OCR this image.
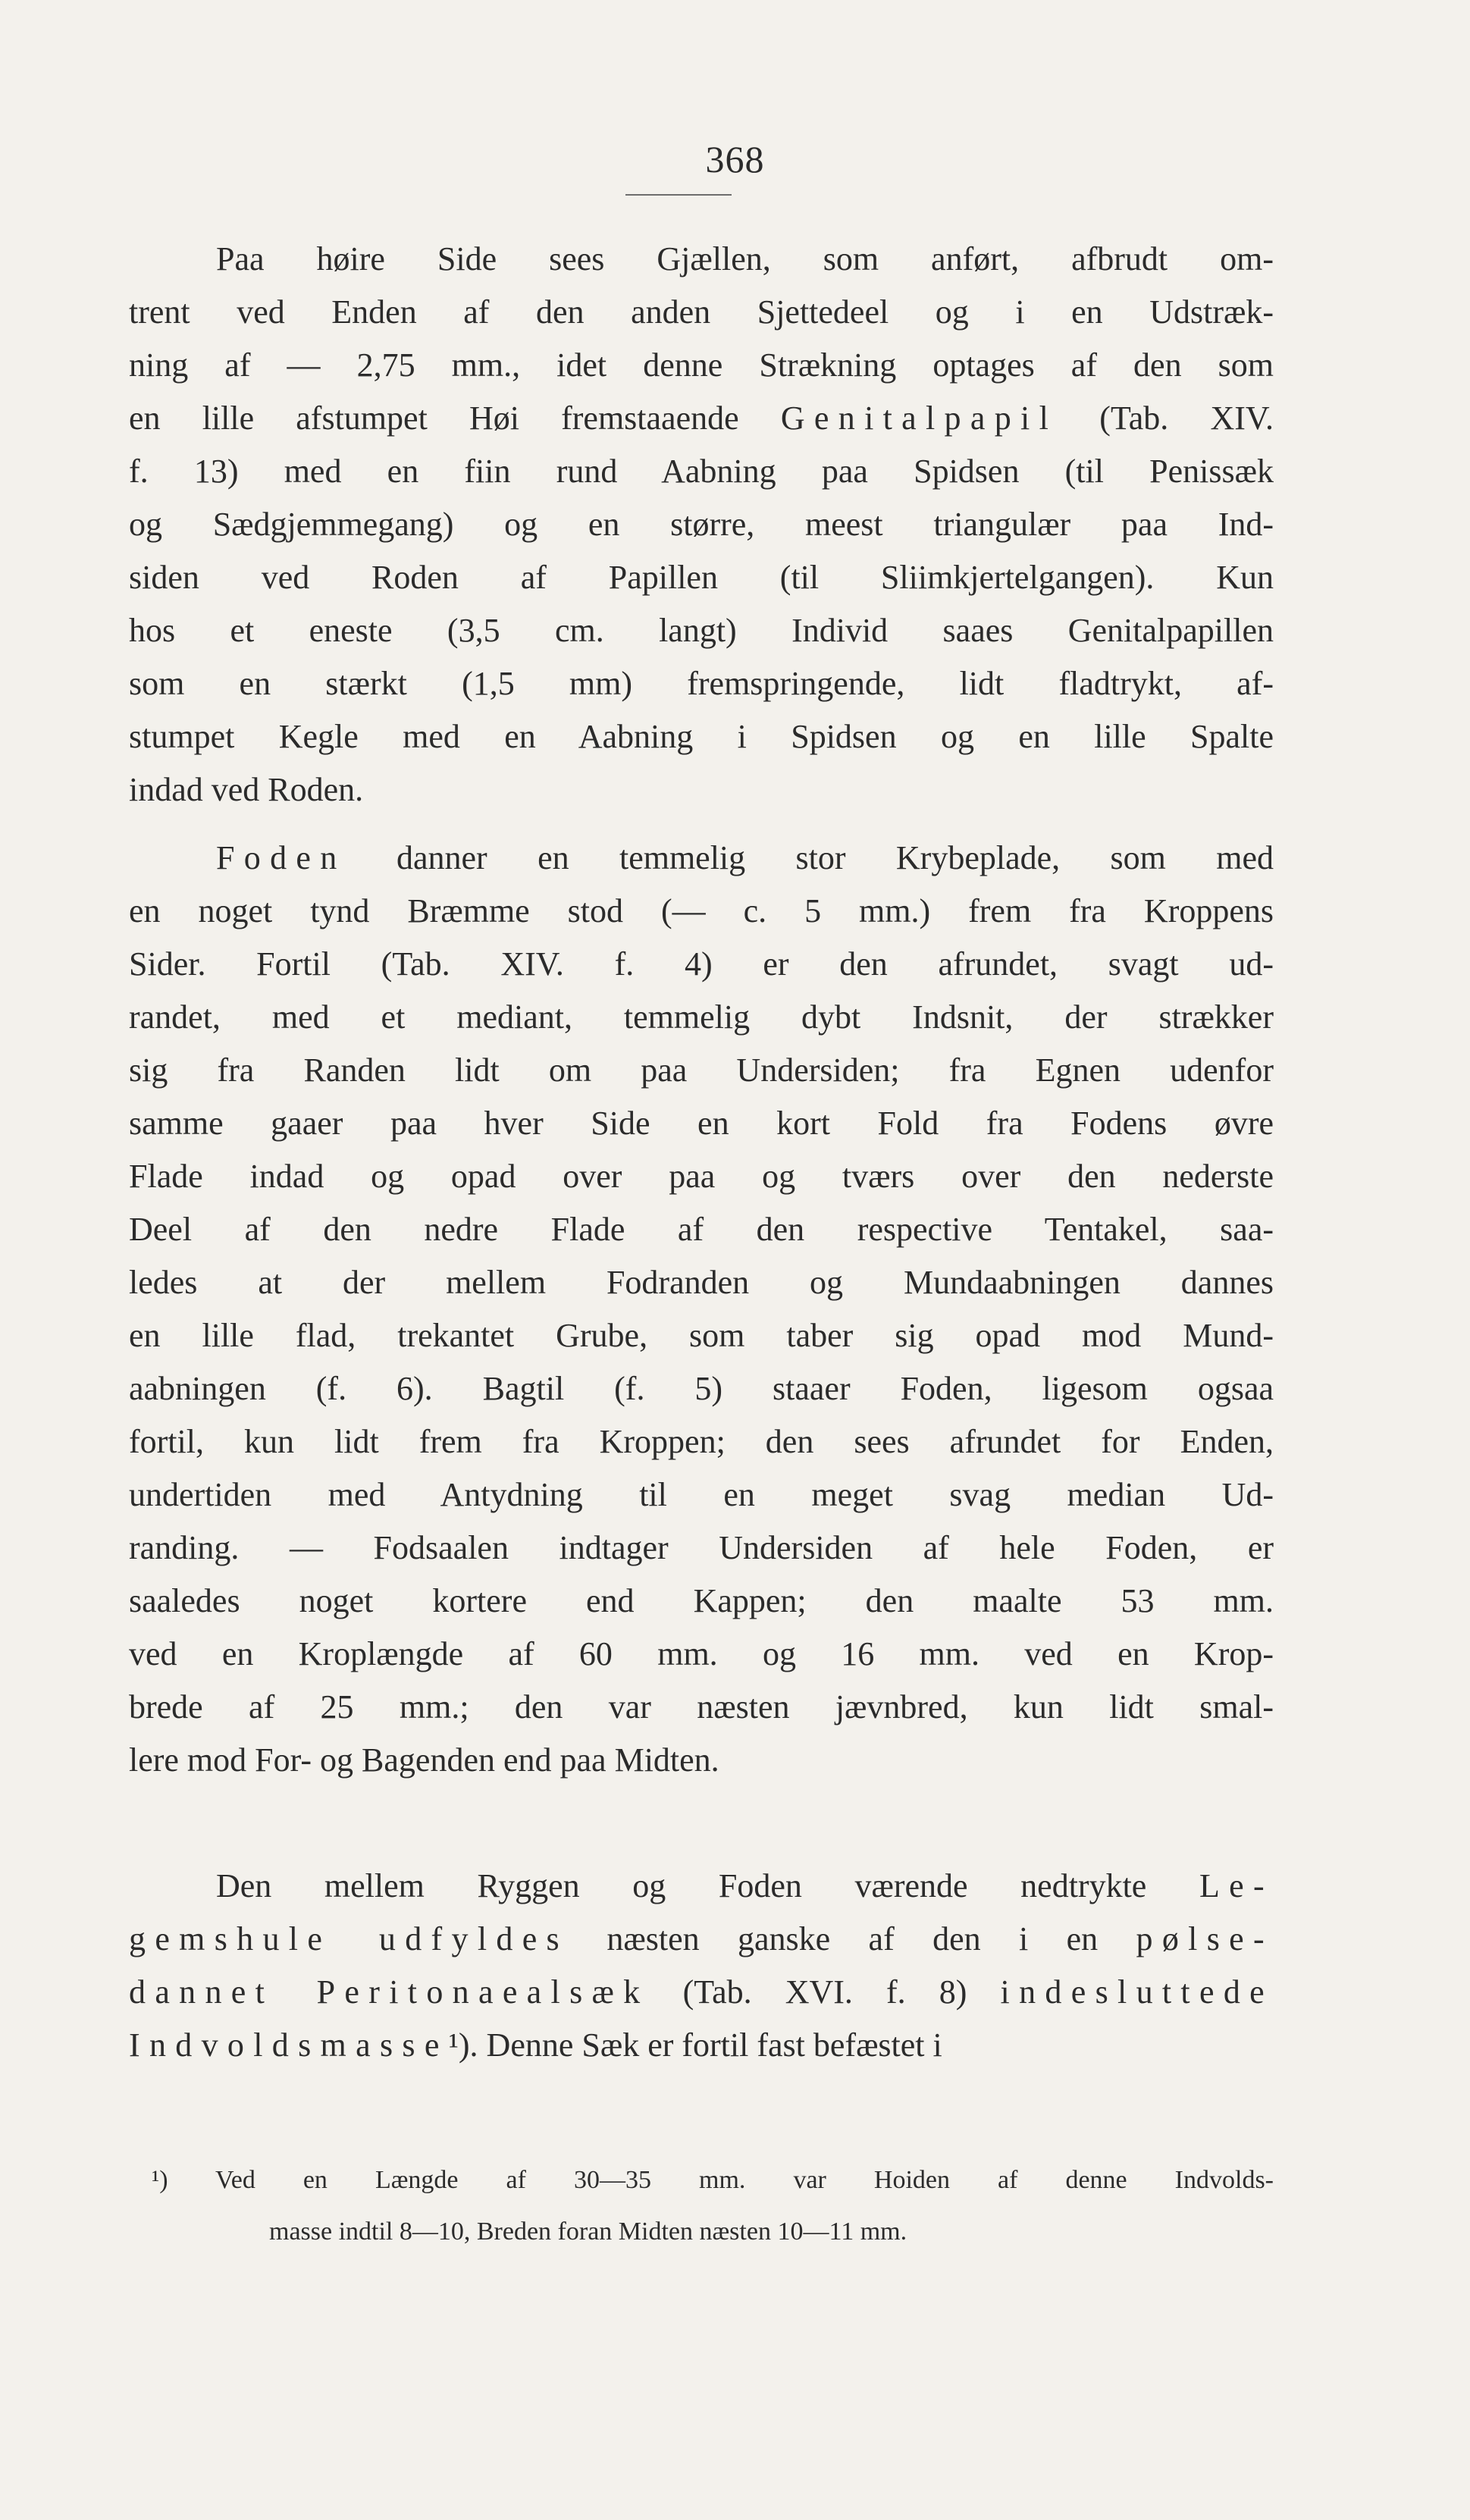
368
Paa høire Side sees Gjællen, som anført, afbrudt om-
trent ved Enden af den anden Sjettedeel og i en Udstræk-
ning af — 2,75 mm., idet denne Strækning optages af den som
en lille afstumpet Høi fremstaaende Genitalpapil (Tab. XIV.
f. 13) med en fiin rund Aabning paa Spidsen (til Penissæk
og Sædgjemmegang) og en større, meest triangulær paa Ind-
siden ved Roden af Papillen (til Sliimkjertelgangen). Kun
hos et eneste (3,5 cm. langt) Individ saaes Genitalpapillen
som en stærkt (1,5 mm) fremspringende, lidt fladtrykt, af-
stumpet Kegle med en Aabning i Spidsen og en lille Spalte
indad ved Roden.
Foden danner en temmelig stor Krybeplade, som med
en noget tynd Bræmme stod (— c. 5 mm.) frem fra Kroppens
Sider. Fortil (Tab. XIV. f. 4) er den afrundet, svagt ud-
randet, med et mediant, temmelig dybt Indsnit, der strækker
sig fra Randen lidt om paa Undersiden; fra Egnen udenfor
samme gaaer paa hver Side en kort Fold fra Fodens øvre
Flade indad og opad over paa og tværs over den nederste
Deel af den nedre Flade af den respective Tentakel, saa-
ledes at der mellem Fodranden og Mundaabningen dannes
en lille flad, trekantet Grube, som taber sig opad mod Mund-
aabningen (f. 6). Bagtil (f. 5) staaer Foden, ligesom ogsaa
fortil, kun lidt frem fra Kroppen; den sees afrundet for Enden,
undertiden med Antydning til en meget svag median Ud-
randing. — Fodsaalen indtager Undersiden af hele Foden, er
saaledes noget kortere end Kappen; den maalte 53 mm.
ved en Kroplængde af 60 mm. og 16 mm. ved en Krop-
brede af 25 mm.; den var næsten jævnbred, kun lidt smal-
lere mod For- og Bagenden end paa Midten.
Den mellem Ryggen og Foden værende nedtrykte Le-
gemshule udfyldes næsten ganske af den i en pølse-
dannet Peritonaealsæk (Tab. XVI. f. 8) indesluttede
Indvoldsmasse¹). Denne Sæk er fortil fast befæstet i
¹) Ved en Længde af 30—35 mm. var Hoiden af denne Indvolds-
masse indtil 8—10, Breden foran Midten næsten 10—11 mm.
